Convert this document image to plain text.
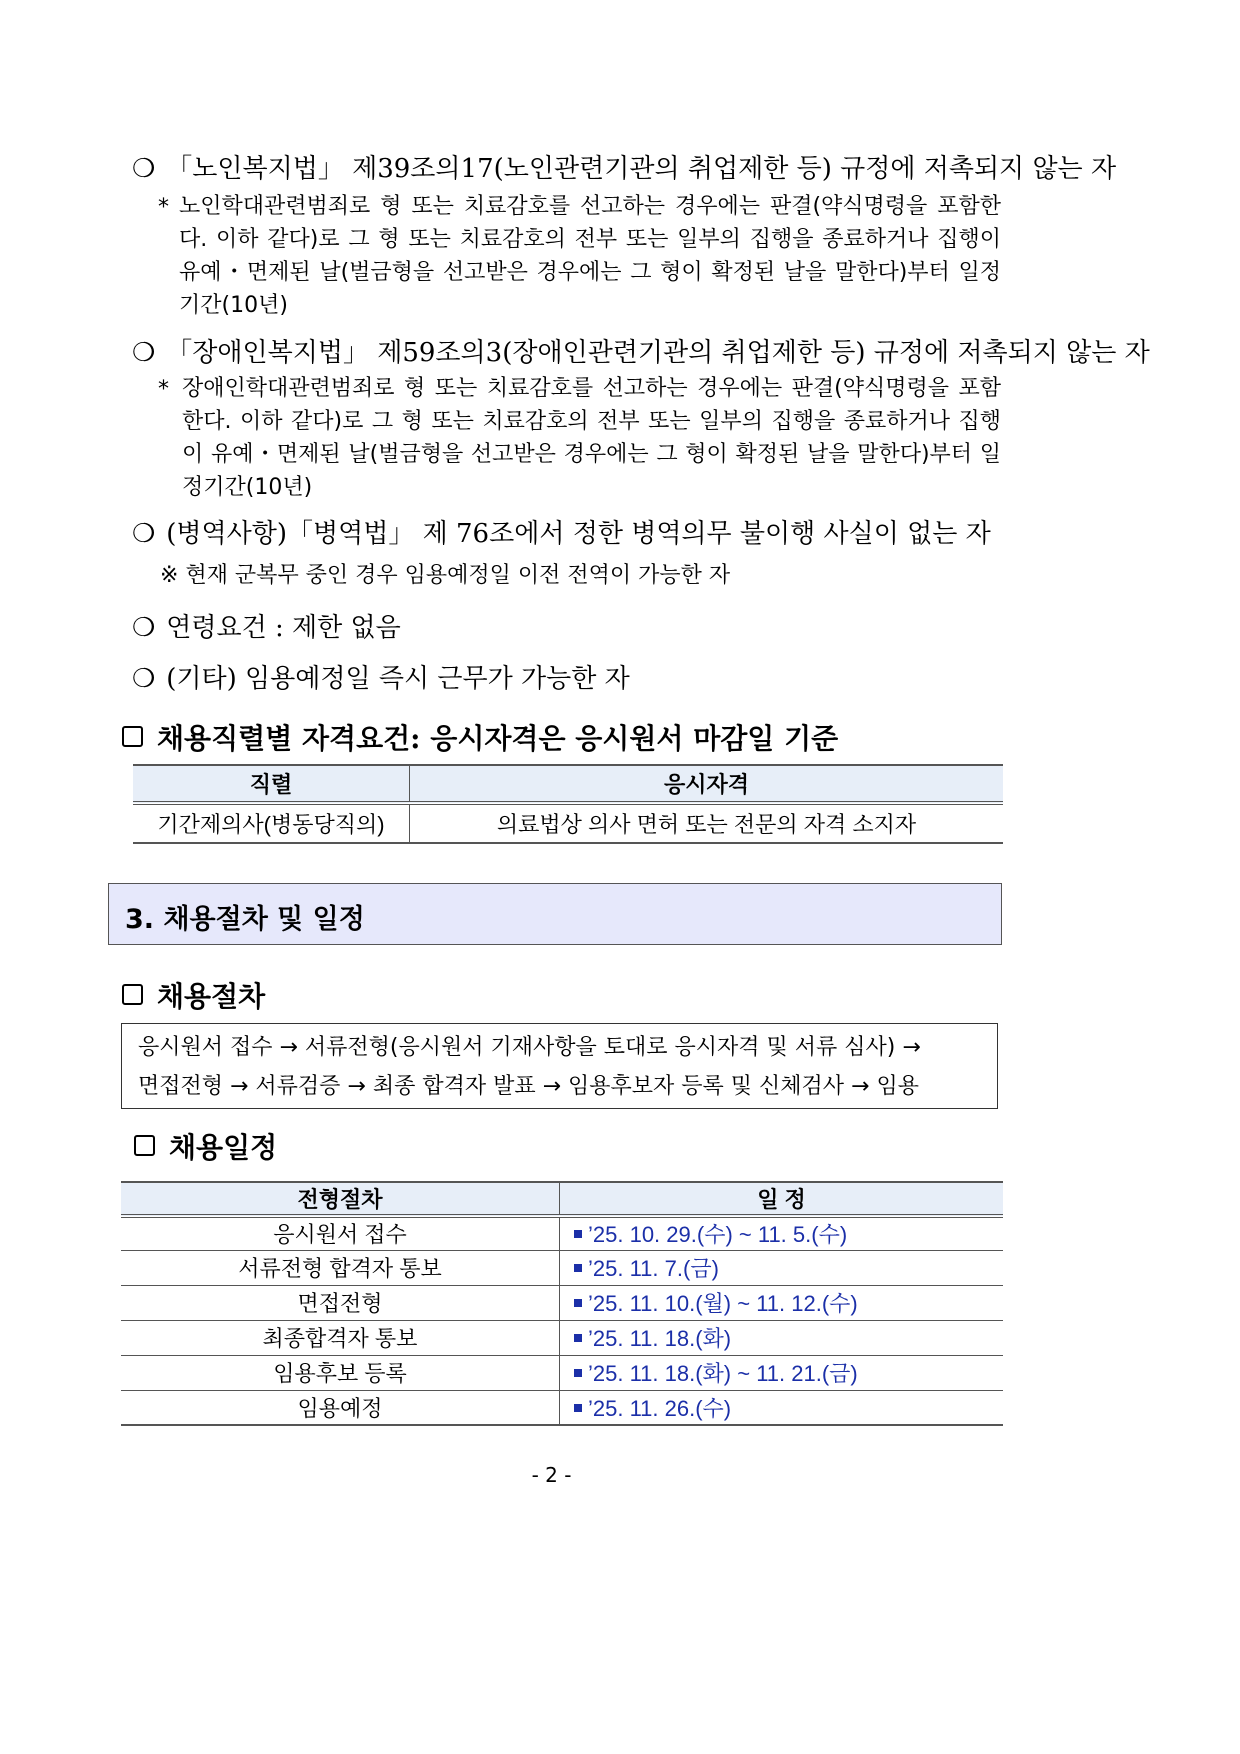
❍ 「노인복지법」 제39조의17(노인관련기관의 취업제한 등) 규정에 저촉되지 않는 자
* 노인학대관련범죄로 형 또는 치료감호를 선고하는 경우에는 판결(약식명령을 포함한다. 이하 같다)로 그 형 또는 치료감호의 전부 또는 일부의 집행을 종료하거나 집행이 유예・면제된 날(벌금형을 선고받은 경우에는 그 형이 확정된 날을 말한다)부터 일정기간(10년)
❍ 「장애인복지법」 제59조의3(장애인관련기관의 취업제한 등) 규정에 저촉되지 않는 자
* 장애인학대관련범죄로 형 또는 치료감호를 선고하는 경우에는 판결(약식명령을 포함한다. 이하 같다)로 그 형 또는 치료감호의 전부 또는 일부의 집행을 종료하거나 집행이 유예・면제된 날(벌금형을 선고받은 경우에는 그 형이 확정된 날을 말한다)부터 일정기간(10년)
❍ (병역사항)「병역법」 제 76조에서 정한 병역의무 불이행 사실이 없는 자
※ 현재 군복무 중인 경우 임용예정일 이전 전역이 가능한 자
❍ 연령요건 : 제한 없음
❍ (기타) 임용예정일 즉시 근무가 가능한 자
채용직렬별 자격요건: 응시자격은 응시원서 마감일 기준
직렬	응시자격
기간제의사(병동당직의)	의료법상 의사 면허 또는 전문의 자격 소지자
3. 채용절차 및 일정
채용절차
응시원서 접수 → 서류전형(응시원서 기재사항을 토대로 응시자격 및 서류 심사) →
면접전형 → 서류검증 → 최종 합격자 발표 → 임용후보자 등록 및 신체검사 → 임용
채용일정
전형절차	일 정
응시원서 접수	’25. 10. 29.(수) ~ 11. 5.(수)
서류전형 합격자 통보	’25. 11. 7.(금)
면접전형	’25. 11. 10.(월) ~ 11. 12.(수)
최종합격자 통보	’25. 11. 18.(화)
임용후보 등록	’25. 11. 18.(화) ~ 11. 21.(금)
임용예정	’25. 11. 26.(수)
- 2 -
